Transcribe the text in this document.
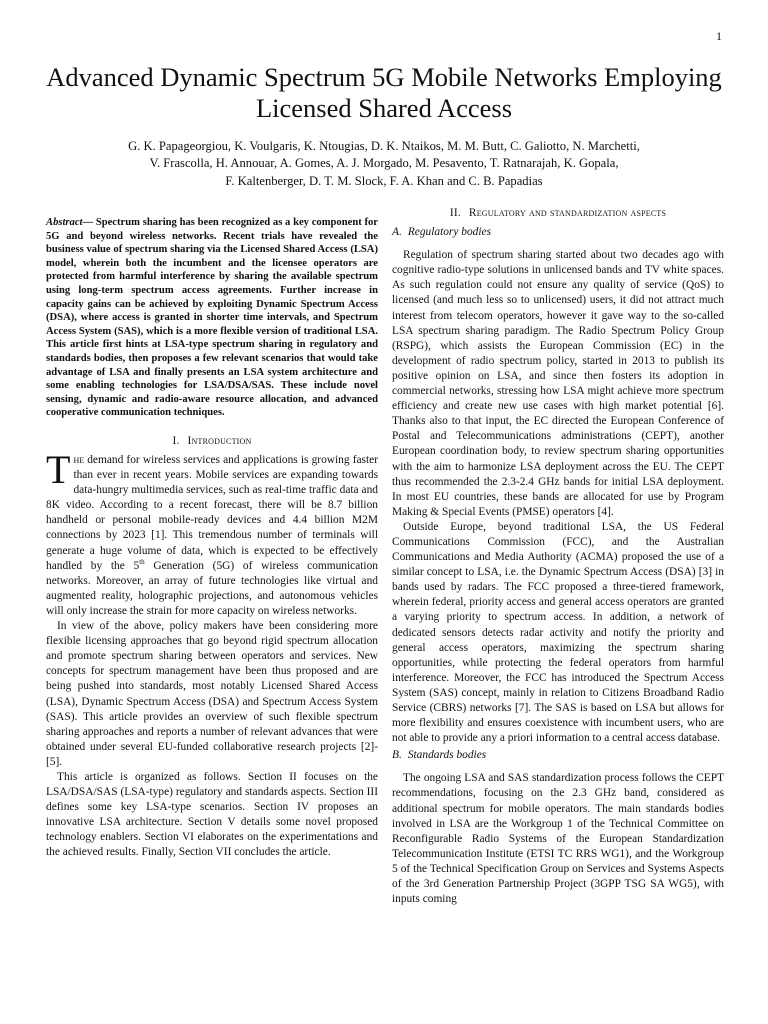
1
Advanced Dynamic Spectrum 5G Mobile Networks Employing Licensed Shared Access
G. K. Papageorgiou, K. Voulgaris, K. Ntougias, D. K. Ntaikos, M. M. Butt, C. Galiotto, N. Marchetti,
V. Frascolla, H. Annouar, A. Gomes, A. J. Morgado, M. Pesavento, T. Ratnarajah, K. Gopala,
F. Kaltenberger, D. T. M. Slock, F. A. Khan and C. B. Papadias

Abstract— Spectrum sharing has been recognized as a key component for 5G and beyond wireless networks. Recent trials have revealed the business value of spectrum sharing via the Licensed Shared Access (LSA) model, wherein both the incumbent and the licensee operators are protected from harmful interference by sharing the available spectrum using long-term spectrum access agreements. Further increase in capacity gains can be achieved by exploiting Dynamic Spectrum Access (DSA), where access is granted in shorter time intervals, and Spectrum Access System (SAS), which is a more flexible version of traditional LSA. This article first hints at LSA-type spectrum sharing in regulatory and standards bodies, then proposes a few relevant scenarios that would take advantage of LSA and finally presents an LSA system architecture and some enabling technologies for LSA/DSA/SAS. These include novel sensing, dynamic and radio-aware resource allocation, and advanced cooperative communication techniques.

I. Introduction

The demand for wireless services and applications is growing faster than ever in recent years. Mobile services are expanding towards data-hungry multimedia services, such as real-time traffic data and 8K video. According to a recent forecast, there will be 8.7 billion handheld or personal mobile-ready devices and 4.4 billion M2M connections by 2023 [1]. This tremendous number of terminals will generate a huge volume of data, which is expected to be effectively handled by the 5th Generation (5G) of wireless communication networks. Moreover, an array of future technologies like virtual and augmented reality, holographic projections, and autonomous vehicles will only increase the strain for more capacity on wireless networks.

In view of the above, policy makers have been considering more flexible licensing approaches that go beyond rigid spectrum allocation and promote spectrum sharing between operators and services. New concepts for spectrum management have been thus proposed and are being pushed into standards, most notably Licensed Shared Access (LSA), Dynamic Spectrum Access (DSA) and Spectrum Access System (SAS). This article provides an overview of such flexible spectrum sharing approaches and reports a number of relevant advances that were obtained under several EU-funded collaborative research projects [2]-[5].

This article is organized as follows. Section II focuses on the LSA/DSA/SAS (LSA-type) regulatory and standards aspects. Section III defines some key LSA-type scenarios. Section IV proposes an innovative LSA architecture. Section V details some novel proposed technology enablers. Section VI elaborates on the experimentations and the achieved results. Finally, Section VII concludes the article.

II. Regulatory and standardization aspects
A. Regulatory bodies

Regulation of spectrum sharing started about two decades ago with cognitive radio-type solutions in unlicensed bands and TV white spaces. As such regulation could not ensure any quality of service (QoS) to licensed (and much less so to unlicensed) users, it did not attract much interest from telecom operators, however it gave way to the so-called LSA spectrum sharing paradigm. The Radio Spectrum Policy Group (RSPG), which assists the European Commission (EC) in the development of radio spectrum policy, started in 2013 to publish its positive opinion on LSA, and since then fosters its adoption in commercial networks, stressing how LSA might achieve more spectrum efficiency and create new use cases with high market potential [6]. Thanks also to that input, the EC directed the European Conference of Postal and Telecommunications administrations (CEPT), another European coordination body, to review spectrum sharing opportunities with the aim to harmonize LSA deployment across the EU. The CEPT thus recommended the 2.3-2.4 GHz bands for initial LSA deployment. In most EU countries, these bands are allocated for use by Program Making & Special Events (PMSE) operators [4].

Outside Europe, beyond traditional LSA, the US Federal Communications Commission (FCC), and the Australian Communications and Media Authority (ACMA) proposed the use of a similar concept to LSA, i.e. the Dynamic Spectrum Access (DSA) [3] in bands used by radars. The FCC proposed a three-tiered framework, wherein federal, priority access and general access operators are granted a varying priority to spectrum access. In addition, a network of dedicated sensors detects radar activity and notify the priority and general access operators, maximizing the spectrum sharing opportunities, while protecting the federal operators from harmful interference. Moreover, the FCC has introduced the Spectrum Access System (SAS) concept, mainly in relation to Citizens Broadband Radio Service (CBRS) networks [7]. The SAS is based on LSA but allows for more flexibility and ensures coexistence with incumbent users, who are not able to provide any a priori information to a central access database.

B. Standards bodies

The ongoing LSA and SAS standardization process follows the CEPT recommendations, focusing on the 2.3 GHz band, considered as additional spectrum for mobile operators. The main standards bodies involved in LSA are the Workgroup 1 of the Technical Committee on Reconfigurable Radio Systems of the European Standardization Telecommunication Institute (ETSI TC RRS WG1), and the Workgroup 5 of the Technical Specification Group on Services and Systems Aspects of the 3rd Generation Partnership Project (3GPP TSG SA WG5), with inputs coming
